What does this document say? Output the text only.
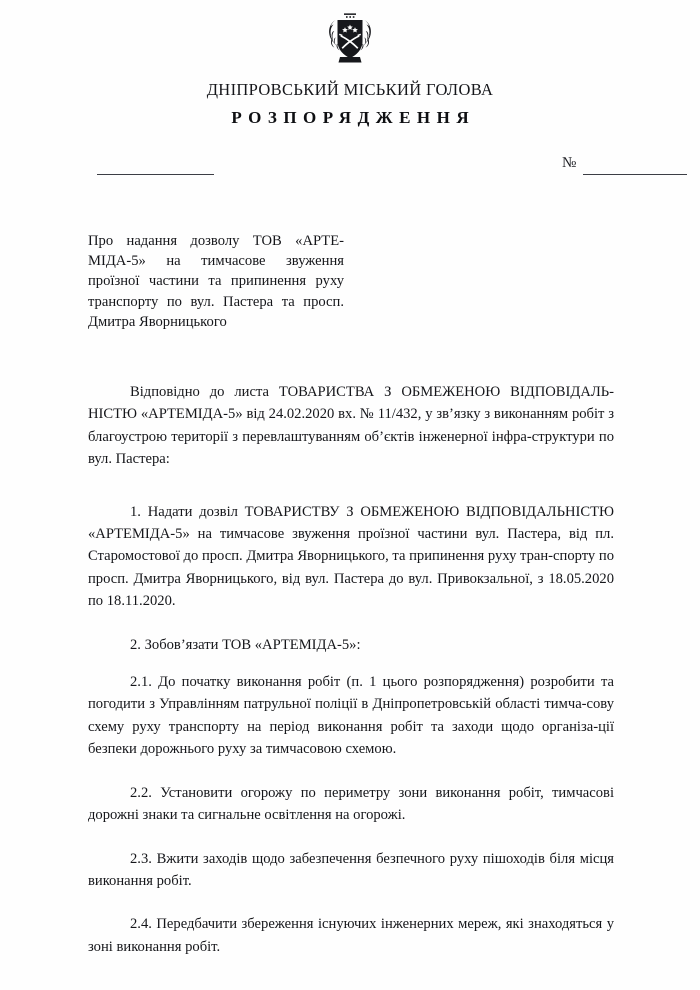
ДНІПРОВСЬКИЙ МІСЬКИЙ ГОЛОВА
РОЗПОРЯДЖЕННЯ
№

Про надання дозволу ТОВ «АРТЕ-МІДА-5» на тимчасове звуження проїзної частини та припинення руху транспорту по вул. Пастера та просп. Дмитра Яворницького

Відповідно до листа ТОВАРИСТВА З ОБМЕЖЕНОЮ ВІДПОВІДАЛЬ-НІСТЮ «АРТЕМІДА-5» від 24.02.2020 вх. № 11/432, у зв’язку з виконанням робіт з благоустрою території з перевлаштуванням об’єктів інженерної інфра-структури по вул. Пастера:

1. Надати дозвіл ТОВАРИСТВУ З ОБМЕЖЕНОЮ ВІДПОВІДАЛЬНІСТЮ «АРТЕМІДА-5» на тимчасове звуження проїзної частини вул. Пастера, від пл. Старомостової до просп. Дмитра Яворницького, та припинення руху тран-спорту по просп. Дмитра Яворницького, від вул. Пастера до вул. Привокзальної, з 18.05.2020 по 18.11.2020.

2. Зобов’язати ТОВ «АРТЕМІДА-5»:

2.1. До початку виконання робіт (п. 1 цього розпорядження) розробити та погодити з Управлінням патрульної поліції в Дніпропетровській області тимча-сову схему руху транспорту на період виконання робіт та заходи щодо організа-ції безпеки дорожнього руху за тимчасовою схемою.

2.2. Установити огорожу по периметру зони виконання робіт, тимчасові дорожні знаки та сигнальне освітлення на огорожі.

2.3. Вжити заходів щодо забезпечення безпечного руху пішоходів біля місця виконання робіт.

2.4. Передбачити збереження існуючих інженерних мереж, які знаходяться у зоні виконання робіт.
